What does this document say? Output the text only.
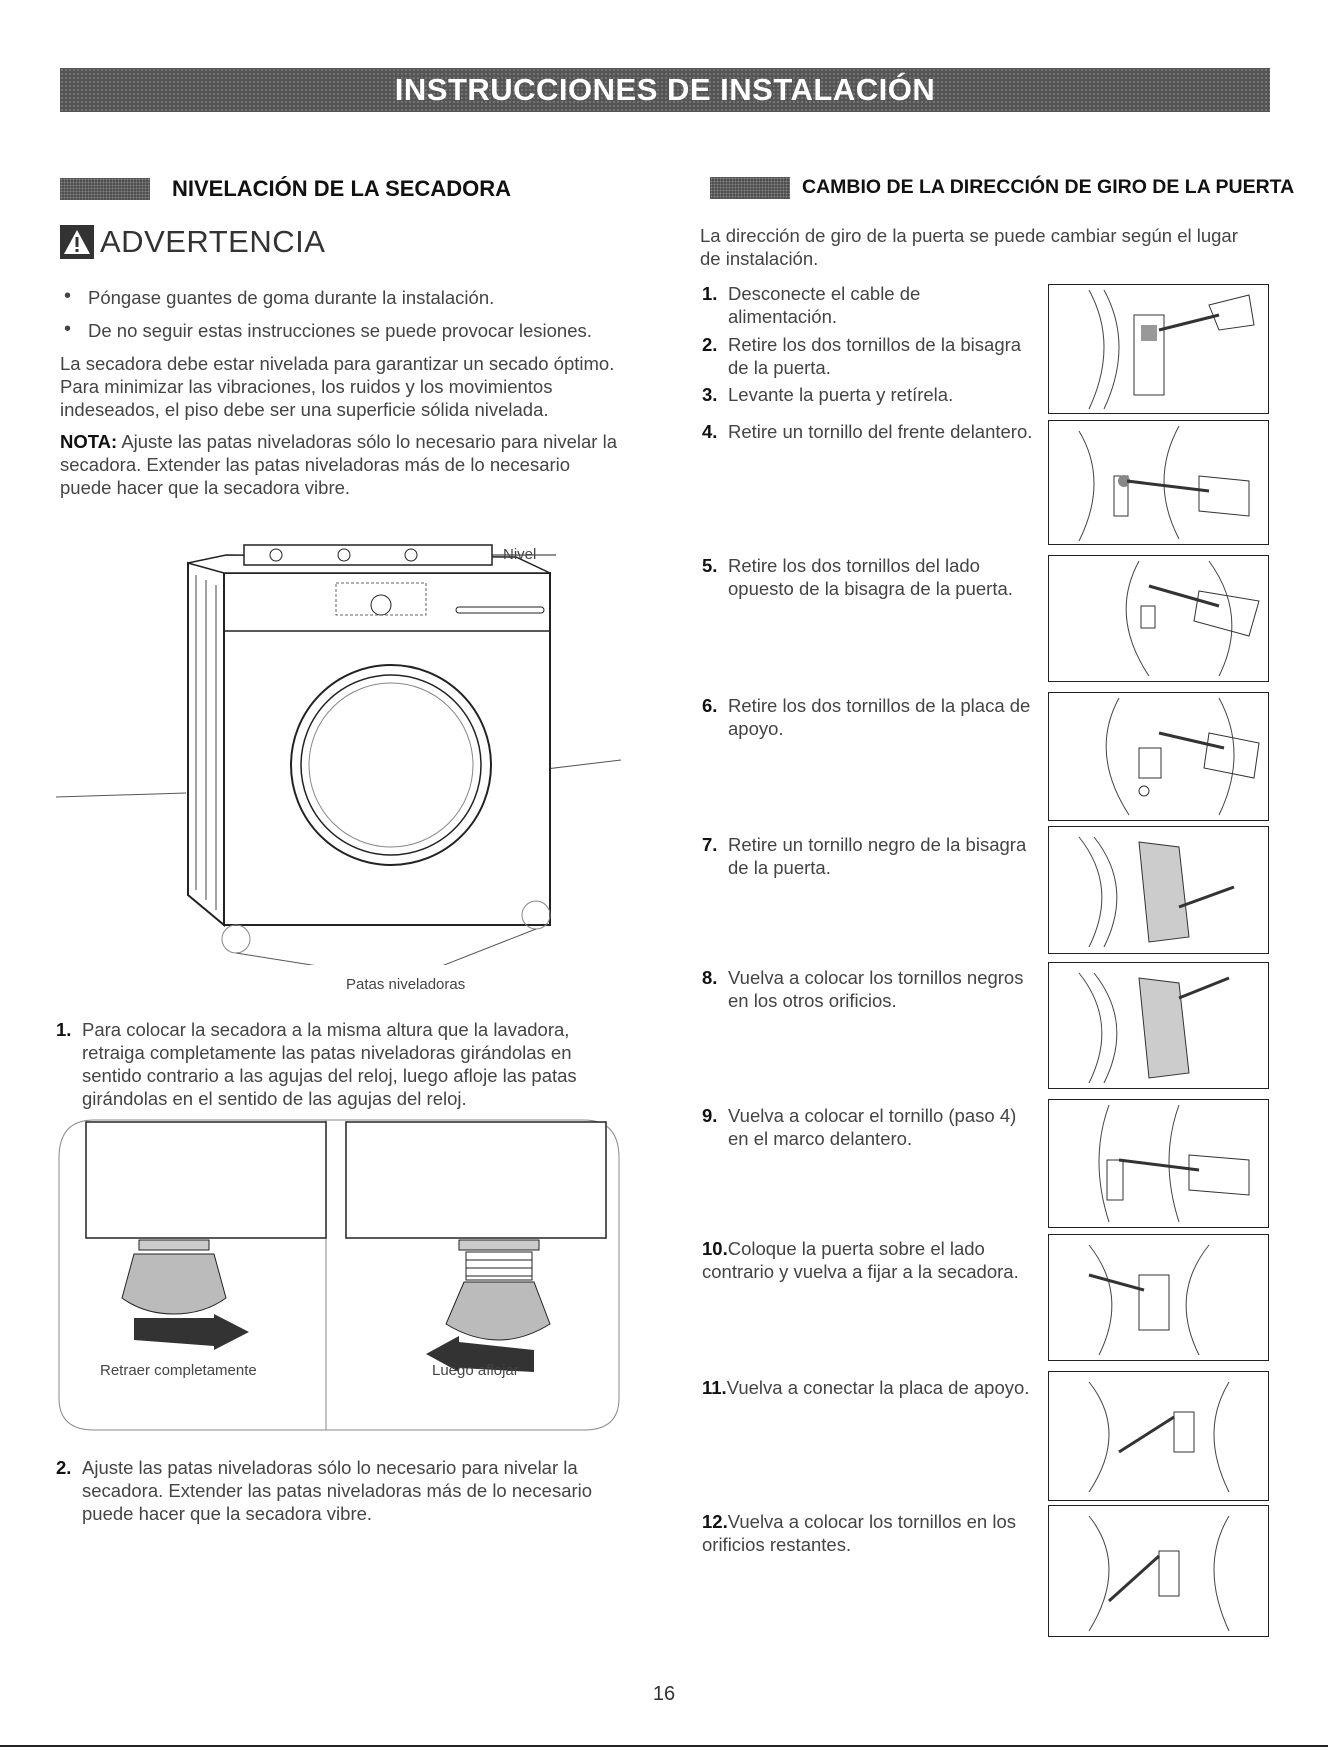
INSTRUCCIONES DE INSTALACIÓN
NIVELACIÓN DE LA SECADORA
ADVERTENCIA
• Póngase guantes de goma durante la instalación.
• De no seguir estas instrucciones se puede provocar lesiones.

La secadora debe estar nivelada para garantizar un secado óptimo. Para minimizar las vibraciones, los ruidos y los movimientos indeseados, el piso debe ser una superficie sólida nivelada.

NOTA: Ajuste las patas niveladoras sólo lo necesario para nivelar la secadora. Extender las patas niveladoras más de lo necesario puede hacer que la secadora vibre.

Nivel
Patas niveladoras
1. Para colocar la secadora a la misma altura que la lavadora, retraiga completamente las patas niveladoras girándolas en sentido contrario a las agujas del reloj, luego afloje las patas girándolas en el sentido de las agujas del reloj.
Retraer completamente	Luego aflojar
2. Ajuste las patas niveladoras sólo lo necesario para nivelar la secadora. Extender las patas niveladoras más de lo necesario puede hacer que la secadora vibre.
CAMBIO DE LA DIRECCIÓN DE GIRO DE LA PUERTA

La dirección de giro de la puerta se puede cambiar según el lugar de instalación.

1. Desconecte el cable de alimentación.
2. Retire los dos tornillos de la bisagra de la puerta.
3. Levante la puerta y retírela.
4. Retire un tornillo del frente delantero.
5. Retire los dos tornillos del lado opuesto de la bisagra de la puerta.
6. Retire los dos tornillos de la placa de apoyo.
7. Retire un tornillo negro de la bisagra de la puerta.
8. Vuelva a colocar los tornillos negros en los otros orificios.
9. Vuelva a colocar el tornillo (paso 4) en el marco delantero.
10.Coloque la puerta sobre el lado contrario y vuelva a fijar a la secadora.
11.Vuelva a conectar la placa de apoyo.
12.Vuelva a colocar los tornillos en los orificios restantes.
16
